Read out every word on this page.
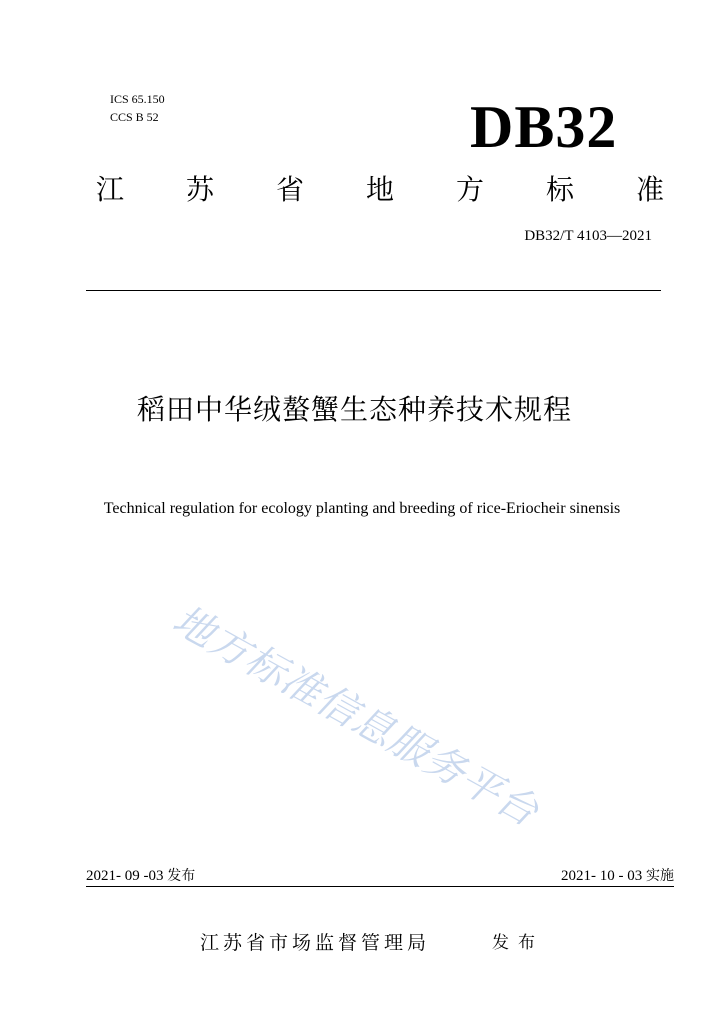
ICS 65.150
CCS B 52	DB32
江 苏 省 地 方 标 准
DB32/T 4103—2021
稻田中华绒螯蟹生态种养技术规程
Technical regulation for ecology planting and breeding of rice-Eriocheir sinensis
地方标准信息服务平台
2021- 09 -03 发布	2021- 10 - 03 实施
江苏省市场监督管理局	发布
